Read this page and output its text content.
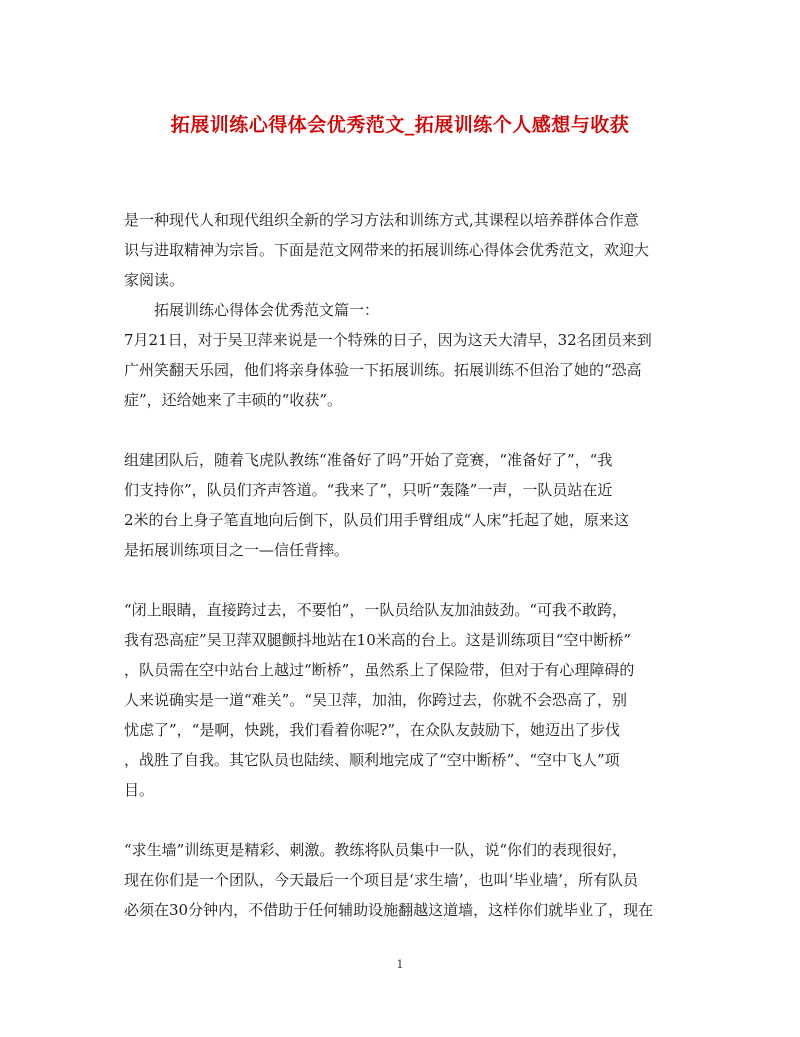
拓展训练心得体会优秀范文_拓展训练个人感想与收获

是一种现代人和现代组织全新的学习方法和训练方式,其课程以培养群体合作意
识与进取精神为宗旨。下面是范文网带来的拓展训练心得体会优秀范文，欢迎大
家阅读。

拓展训练心得体会优秀范文篇一：

7月21日，对于吴卫萍来说是一个特殊的日子，因为这天大清早，32名团员来到
广州笑翻天乐园，他们将亲身体验一下拓展训练。拓展训练不但治了她的“恐高
症”，还给她来了丰硕的“收获”。

组建团队后，随着飞虎队教练“准备好了吗”开始了竞赛，“准备好了”，“我
们支持你”，队员们齐声答道。“我来了”，只听“轰隆”一声，一队员站在近
2米的台上身子笔直地向后倒下，队员们用手臂组成“人床”托起了她，原来这
是拓展训练项目之一—信任背摔。

“闭上眼睛，直接跨过去，不要怕”，一队员给队友加油鼓劲。“可我不敢跨，
我有恐高症”吴卫萍双腿颤抖地站在10米高的台上。这是训练项目“空中断桥”
，队员需在空中站台上越过“断桥”，虽然系上了保险带，但对于有心理障碍的
人来说确实是一道“难关”。“吴卫萍，加油，你跨过去，你就不会恐高了，别
忧虑了”，“是啊，快跳，我们看着你呢?”，在众队友鼓励下，她迈出了步伐
，战胜了自我。其它队员也陆续、顺利地完成了“空中断桥”、“空中飞人”项
目。

“求生墙”训练更是精彩、刺激。教练将队员集中一队，说“你们的表现很好，
现在你们是一个团队，今天最后一个项目是‘求生墙’，也叫‘毕业墙’，所有队员
必须在30分钟内，不借助于任何辅助设施翻越这道墙，这样你们就毕业了，现在

1
